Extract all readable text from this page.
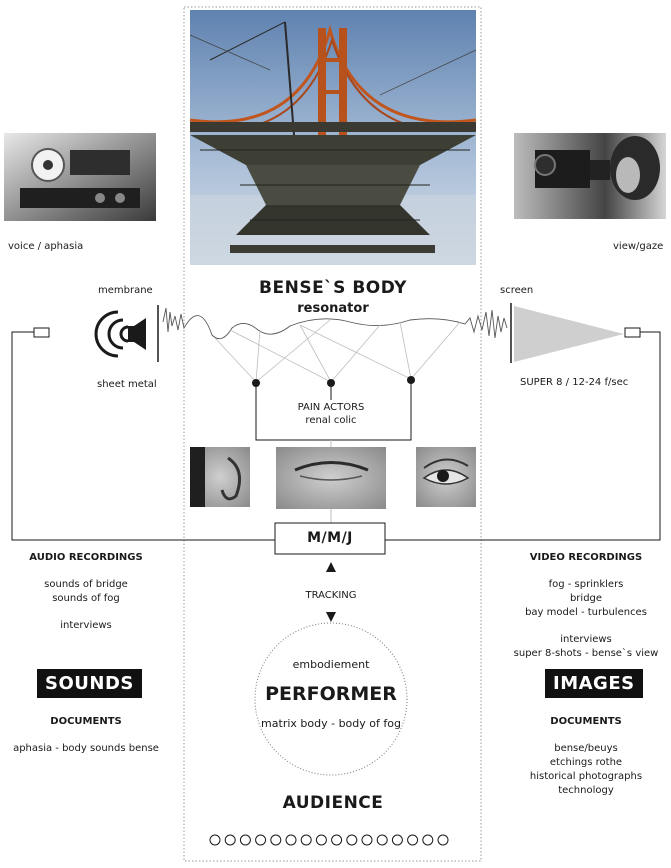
voice / aphasia
membrane
sheet metal
AUDIO RECORDINGS
sounds of bridge
sounds of fog
interviews
SOUNDS
DOCUMENTS
aphasia - body sounds bense
view/gaze
screen
SUPER 8 / 12-24 f/sec
VIDEO RECORDINGS
fog - sprinklers
bridge
bay model - turbulences
interviews
super 8-shots - bense`s view
IMAGES
DOCUMENTS
bense/beuys
etchings rothe
historical photographs
technology
BENSE`S BODY
resonator
PAIN ACTORS
renal colic
M/M/J
TRACKING
embodiement
PERFORMER
matrix body - body of fog
AUDIENCE
